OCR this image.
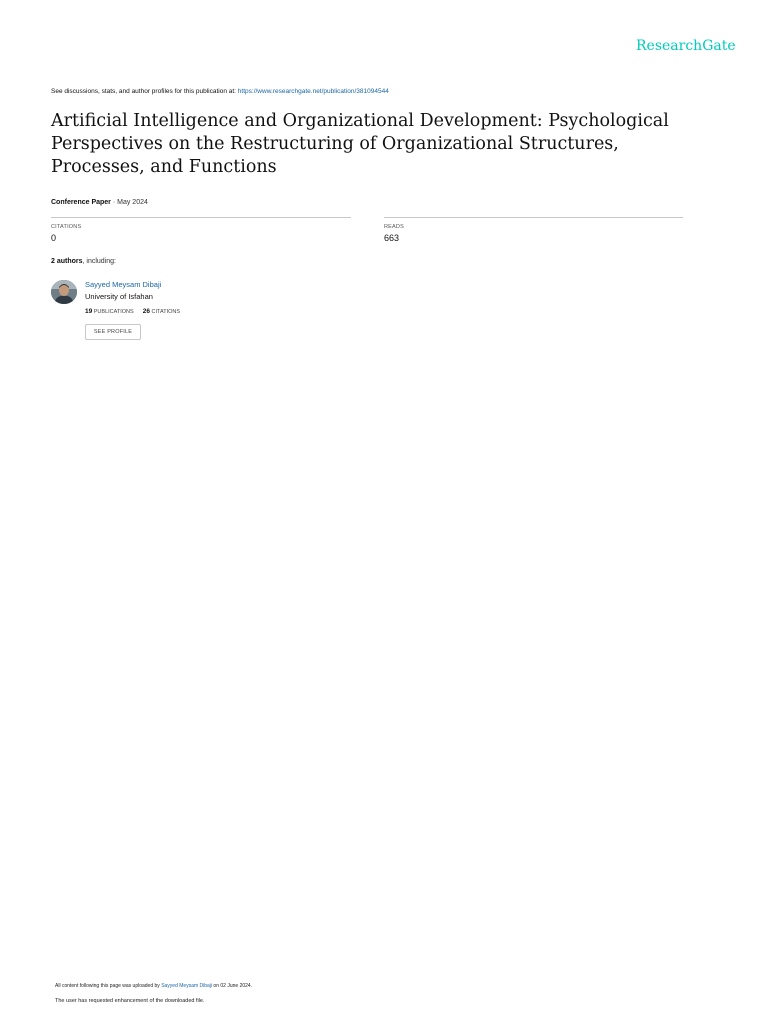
ResearchGate
See discussions, stats, and author profiles for this publication at: https://www.researchgate.net/publication/381094544
Artificial Intelligence and Organizational Development: Psychological Perspectives on the Restructuring of Organizational Structures, Processes, and Functions
Conference Paper · May 2024
CITATIONS
0
READS
663
2 authors, including:
Sayyed Meysam Dibaji
University of Isfahan
19 PUBLICATIONS 26 CITATIONS
SEE PROFILE
All content following this page was uploaded by Sayyed Meysam Dibaji on 02 June 2024.
The user has requested enhancement of the downloaded file.
